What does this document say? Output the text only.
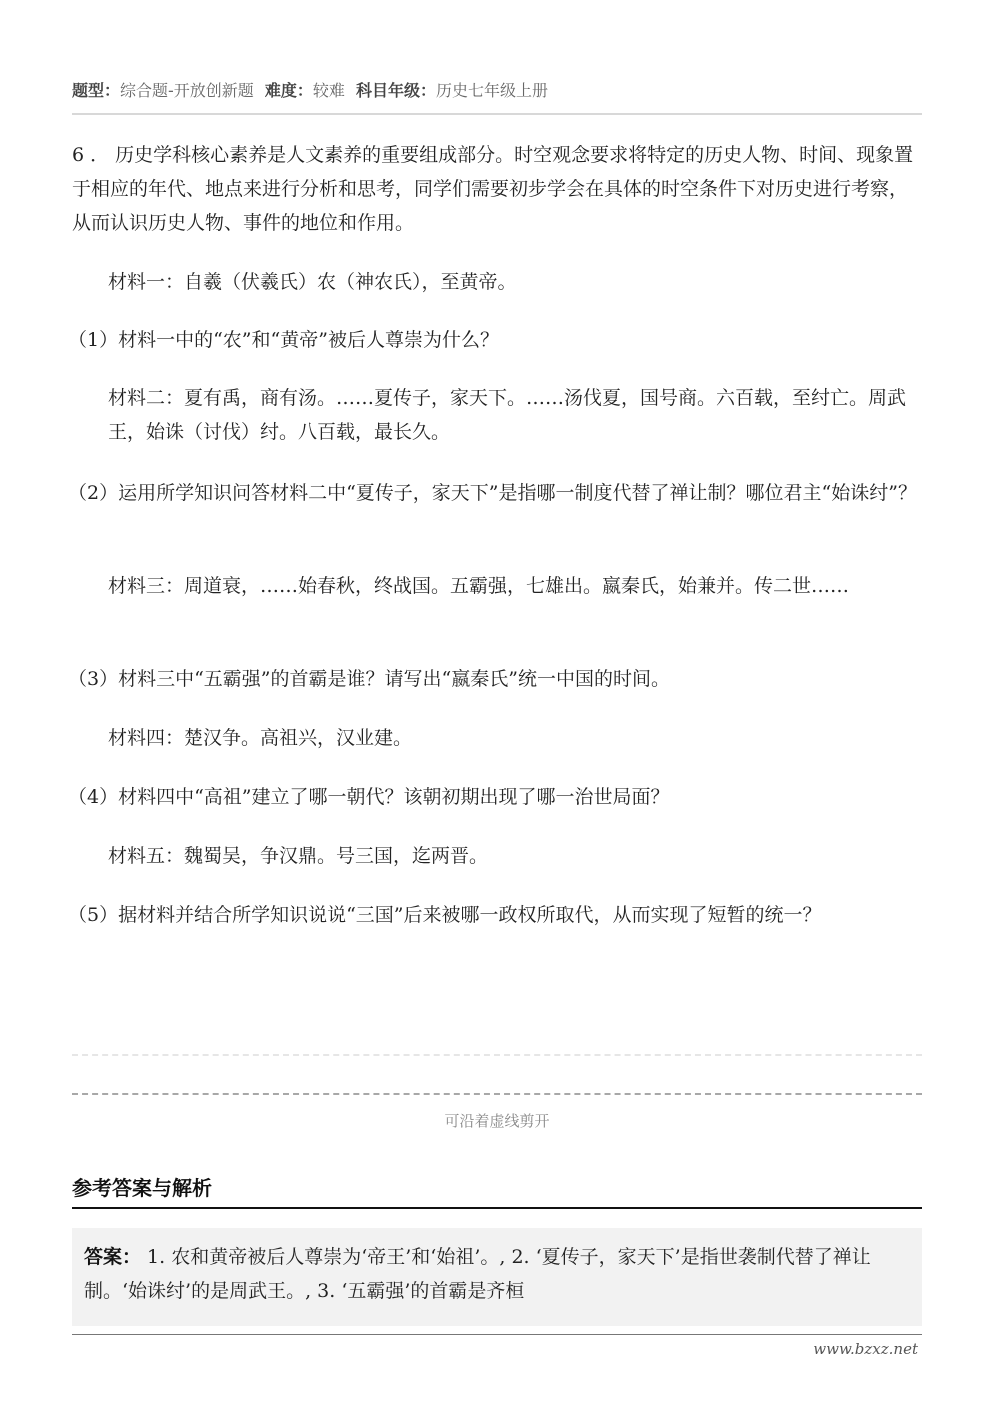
题型：综合题-开放创新题 难度：较难 科目年级：历史七年级上册
6 ． 历史学科核心素养是人文素养的重要组成部分。时空观念要求将特定的历史人物、时间、现象置于相应的年代、地点来进行分析和思考，同学们需要初步学会在具体的时空条件下对历史进行考察，从而认识历史人物、事件的地位和作用。
材料一：自羲（伏羲氏）农（神农氏），至黄帝。
（1）材料一中的“农”和“黄帝”被后人尊崇为什么？
材料二：夏有禹，商有汤。……夏传子，家天下。……汤伐夏，国号商。六百载，至纣亡。周武王，始诛（讨伐）纣。八百载，最长久。
（2）运用所学知识问答材料二中“夏传子，家天下”是指哪一制度代替了禅让制？哪位君主“始诛纣”？
材料三：周道衰，……始春秋，终战国。五霸强，七雄出。嬴秦氏，始兼并。传二世……
（3）材料三中“五霸强”的首霸是谁？请写出“嬴秦氏”统一中国的时间。
材料四：楚汉争。高祖兴，汉业建。
（4）材料四中“高祖”建立了哪一朝代？该朝初期出现了哪一治世局面？
材料五：魏蜀吴，争汉鼎。号三国，迄两晋。
（5）据材料并结合所学知识说说“三国”后来被哪一政权所取代，从而实现了短暂的统一？
可沿着虚线剪开
参考答案与解析
答案： 1. 农和黄帝被后人尊崇为‘帝王’和‘始祖’。, 2. ‘夏传子，家天下’是指世袭制代替了禅让制。‘始诛纣’的是周武王。, 3. ‘五霸强’的首霸是齐桓
www.bzxz.net
